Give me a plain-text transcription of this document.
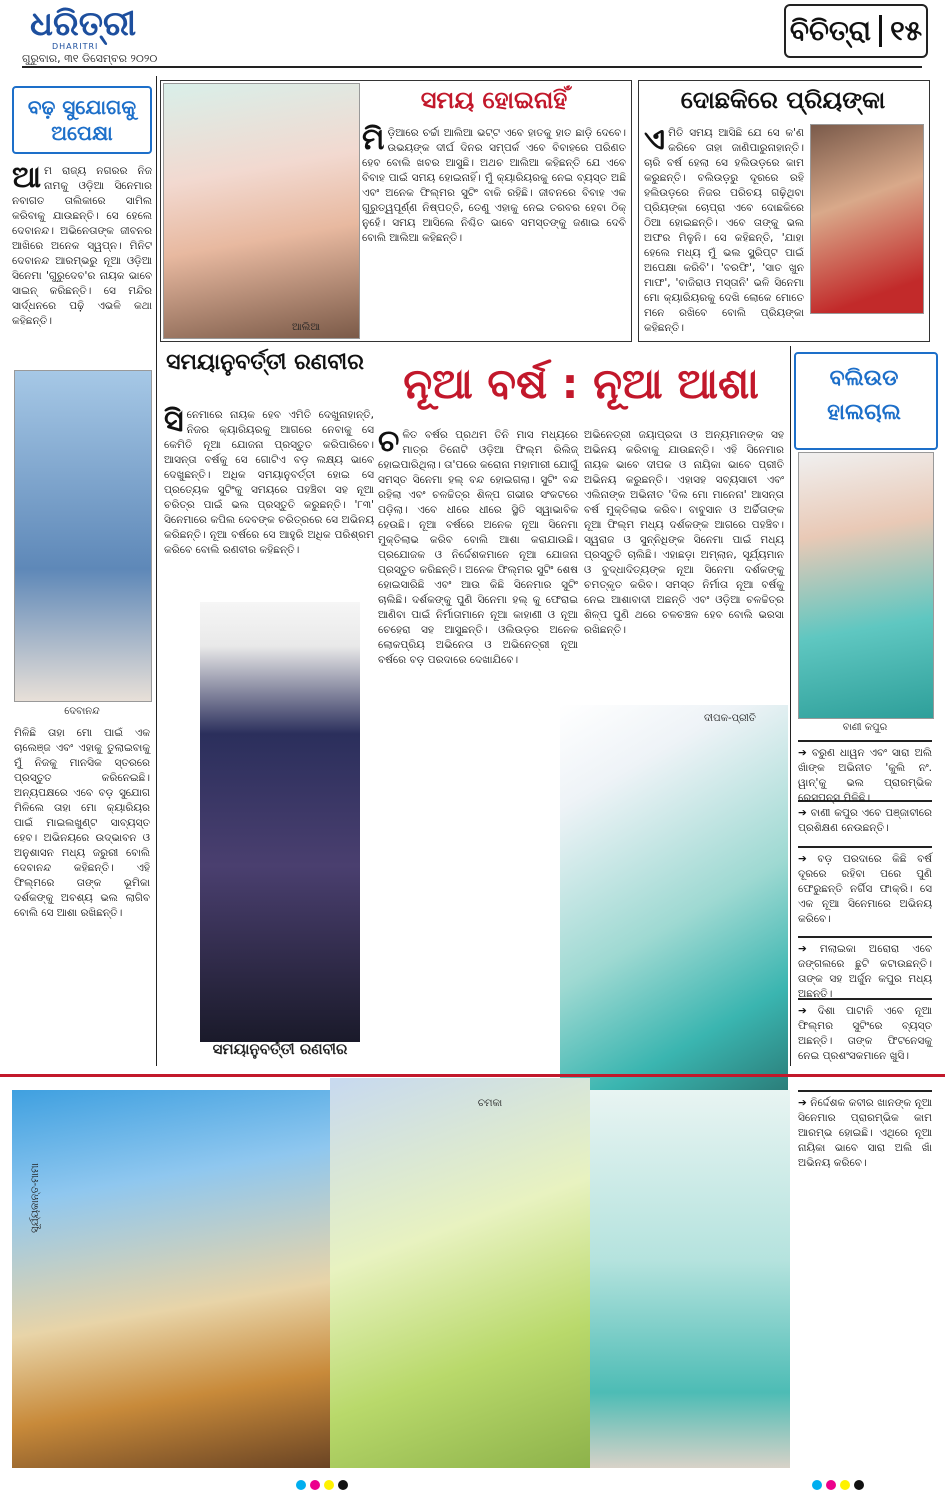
ଧରିତ୍ରୀ
DHARITRI
ଗୁରୁବାର, ୩୧ ଡିସେମ୍ବର ୨୦୨୦
ବିଚିତ୍ରା ୧୫
ବଢ଼ ସୁଯୋଗକୁ ଅପେକ୍ଷା
ଆ ମ ରାଜ୍ୟ ନଗରର ନିଜ ନାମକୁ ଓଡ଼ିଆ ସିନେମାର ନବାଗତ ତାଲିକାରେ ସାମିଲ କରିବାକୁ ଯାଉଛନ୍ତି। ସେ ହେଲେ ଦେବାନନ୍ଦ। ଅଭିନେତାଙ୍କ ଜୀବନର ଆଖିରେ ଅନେକ ସ୍ୱପ୍ନ। ମିନିଟ ଦେବାନନ୍ଦ ଆରମ୍ଭରୁ ନୂଆ ଓଡ଼ିଆ ସିନେମା 'ଗୁରୁଦେବ'ର ନାୟକ ଭାବେ ସାଇନ୍ କରିଛନ୍ତି। ସେ ମନ୍ଦିର ସାର୍ଦ୍ଧନରେ ପଢ଼ି ଏଭଳି କଥା କହିଛନ୍ତି।
ଦେବାନନ୍ଦ
ମିଳିଛି ତାହା ମୋ ପାଇଁ ଏକ ଚାଲେଞ୍ଜ ଏବଂ ଏହାକୁ ତୁଲାଇବାକୁ ମୁଁ ନିଜକୁ ମାନସିକ ସ୍ତରରେ ପ୍ରସ୍ତୁତ କରିନେଇଛି। ଅନ୍ୟପକ୍ଷରେ ଏବେ ବଡ଼ ସୁଯୋଗ ମିଳିଲେ ତାହା ମୋ କ୍ୟାରିୟର ପାଇଁ ମାଇଲଖୁଣ୍ଟ ସାବ୍ୟସ୍ତ ହେବ। ଅଭିନୟରେ ଉଦ୍ଭାବନ ଓ ଅନୁଶାସନ ମଧ୍ୟ ଜରୁରୀ ବୋଲି ଦେବାନନ୍ଦ କହିଛନ୍ତି। ଏହି ଫିଲ୍ମରେ ତାଙ୍କ ଭୂମିକା ଦର୍ଶକଙ୍କୁ ଅବଶ୍ୟ ଭଲ ଲାଗିବ ବୋଲି ସେ ଆଶା ରଖିଛନ୍ତି।
ଆଲିଆ
ସମୟ ହୋଇନାହିଁ
ମି ଡ଼ିଆରେ ଚର୍ଚ୍ଚା ଆଲିଆ ଭଟ୍ଟ ଏବେ ହାତକୁ ହାତ ଛାଡ଼ି ଦେବେ। ଉଭୟଙ୍କ ଦୀର୍ଘ ଦିନର ସମ୍ପର୍କ ଏବେ ବିବାହରେ ପରିଣତ ହେବ ବୋଲି ଖବର ଆସୁଛି। ଅଥଚ ଆଲିଆ କହିଛନ୍ତି ଯେ ଏବେ ବିବାହ ପାଇଁ ସମୟ ହୋଇନାହିଁ। ମୁଁ କ୍ୟାରିୟରକୁ ନେଇ ବ୍ୟସ୍ତ ଅଛି ଏବଂ ଅନେକ ଫିଲ୍ମର ସୁଟିଂ ବାକି ରହିଛି। ଜୀବନରେ ବିବାହ ଏକ ଗୁରୁତ୍ୱପୂର୍ଣ୍ଣ ନିଷ୍ପତ୍ତି, ତେଣୁ ଏହାକୁ ନେଇ ତରବର ହେବା ଠିକ୍ ନୁହେଁ। ସମୟ ଆସିଲେ ନିଶ୍ଚିତ ଭାବେ ସମସ୍ତଙ୍କୁ ଜଣାଇ ଦେବି ବୋଲି ଆଲିଆ କହିଛନ୍ତି।
ଦୋଛକିରେ ପ୍ରିୟଙ୍କା
ଏ ମିତି ସମୟ ଆସିଛି ଯେ ସେ କ'ଣ କରିବେ ତାହା ଜାଣିପାରୁନାହାନ୍ତି। ଚାରି ବର୍ଷ ହେଲା ସେ ହଲିଉଡ଼ରେ କାମ କରୁଛନ୍ତି। ବଲିଉଡ଼ରୁ ଦୂରରେ ରହି ହଲିଉଡ଼ରେ ନିଜର ପରିଚୟ ଗଢ଼ିଥିବା ପ୍ରିୟଙ୍କା ଚୋପ୍ରା ଏବେ ଦୋଛକିରେ ଠିଆ ହୋଇଛନ୍ତି। ଏବେ ତାଙ୍କୁ ଭଲ ଅଫର ମିଳୁନି। ସେ କହିଛନ୍ତି, 'ଯାହା ହେଲେ ମଧ୍ୟ ମୁଁ ଭଲ ସ୍କ୍ରିପ୍ଟ ପାଇଁ ଅପେକ୍ଷା କରିବି'। 'ବରଫି', 'ସାତ ଖୁନ ମାଫ', 'ବାଜିରାଓ ମସ୍ତାନି' ଭଳି ସିନେମା ମୋ କ୍ୟାରିୟରକୁ ଦେଖି ଲୋକେ ମୋତେ ମନେ ରଖିବେ ବୋଲି ପ୍ରିୟଙ୍କା କହିଛନ୍ତି।
ସମୟାନୁବର୍ତ୍ତୀ ରଣବୀର
ସି ନେମାରେ ନାୟକ ହେବ ଏମିତି ଦେଖୁନାହାନ୍ତି, ନିଜର କ୍ୟାରିୟରକୁ ଆଗରେ ନେବାକୁ ସେ କେମିତି ନୂଆ ଯୋଜନା ପ୍ରସ୍ତୁତ କରିପାରିବେ। ଆସନ୍ତା ବର୍ଷକୁ ସେ ଗୋଟିଏ ବଡ଼ ଲକ୍ଷ୍ୟ ଭାବେ ଦେଖୁଛନ୍ତି। ଅଧିକ ସମୟାନୁବର୍ତ୍ତୀ ହୋଇ ସେ ପ୍ରତ୍ୟେକ ସୁଟିଂକୁ ସମୟରେ ପହଞ୍ଚିବା ସହ ନୂଆ ଚରିତ୍ର ପାଇଁ ଭଲ ପ୍ରସ୍ତୁତି କରୁଛନ୍ତି। '୮୩' ସିନେମାରେ କପିଲ ଦେବଙ୍କ ଚରିତ୍ରରେ ସେ ଅଭିନୟ କରିଛନ୍ତି। ନୂଆ ବର୍ଷରେ ସେ ଆହୁରି ଅଧିକ ପରିଶ୍ରମ କରିବେ ବୋଲି ରଣବୀର କହିଛନ୍ତି।
ସମୟାନୁବର୍ତ୍ତୀ ରଣବୀର
ନୂଆ ବର୍ଷ : ନୂଆ ଆଶା
ଚ ଳିତ ବର୍ଷର ପ୍ରଥମ ତିନି ମାସ ମଧ୍ୟରେ ମାତ୍ର ତିନୋଟି ଓଡ଼ିଆ ଫିଲ୍ମ ରିଲିଜ୍ ହୋଇପାରିଥିଲା। ତା'ପରେ କରୋନା ମହାମାରୀ ଯୋଗୁଁ ସମସ୍ତ ସିନେମା ହଲ୍ ବନ୍ଦ ହୋଇଗଲା। ସୁଟିଂ ବନ୍ଦ ରହିଲା ଏବଂ ଚଳଚ୍ଚିତ୍ର ଶିଳ୍ପ ଗଭୀର ସଂକଟରେ ପଡ଼ିଲା। ଏବେ ଧୀରେ ଧୀରେ ସ୍ଥିତି ସ୍ୱାଭାବିକ ହେଉଛି। ନୂଆ ବର୍ଷରେ ଅନେକ ନୂଆ ସିନେମା ମୁକ୍ତିଲାଭ କରିବ ବୋଲି ଆଶା କରାଯାଉଛି। ପ୍ରଯୋଜକ ଓ ନିର୍ଦ୍ଦେଶକମାନେ ନୂଆ ଯୋଜନା ପ୍ରସ୍ତୁତ କରିଛନ୍ତି। ଅନେକ ଫିଲ୍ମର ସୁଟିଂ ଶେଷ ହୋଇସାରିଛି ଏବଂ ଆଉ କିଛି ସିନେମାର ସୁଟିଂ ଚାଲିଛି। ଦର୍ଶକଙ୍କୁ ପୁଣି ସିନେମା ହଲ୍ କୁ ଫେରାଇ ଆଣିବା ପାଇଁ ନିର୍ମାତାମାନେ ନୂଆ କାହାଣୀ ଓ ନୂଆ ଚେହେରା ସହ ଆସୁଛନ୍ତି। ଓଲିଉଡ଼ର ଅନେକ ଲୋକପ୍ରିୟ ଅଭିନେତା ଓ ଅଭିନେତ୍ରୀ ନୂଆ ବର୍ଷରେ ବଡ଼ ପରଦାରେ ଦେଖାଯିବେ।
ଅଭିନେତ୍ରୀ ଜୟାପ୍ରଦା ଓ ଅନ୍ୟମାନଙ୍କ ସହ ଅଭିନୟ କରିବାକୁ ଯାଉଛନ୍ତି। ଏହି ସିନେମାର ନାୟକ ଭାବେ ଦୀପକ ଓ ନାୟିକା ଭାବେ ପ୍ରୀତି ଅଭିନୟ କରୁଛନ୍ତି। ଏହାସହ ସବ୍ୟସାଚୀ ଏବଂ ଏଲିନାଙ୍କ ଅଭିନୀତ 'ଦିଲ ମୋ ମାନେନା' ଆସନ୍ତା ବର୍ଷ ମୁକ୍ତିଲାଭ କରିବ। ବାବୁସାନ ଓ ଅର୍ଚ୍ଚିତାଙ୍କ ନୂଆ ଫିଲ୍ମ ମଧ୍ୟ ଦର୍ଶକଙ୍କ ଆଗରେ ପହଞ୍ଚିବ। ସ୍ୱରାଜ ଓ ସୁନ୍ନିଧିଙ୍କ ସିନେମା ପାଇଁ ମଧ୍ୟ ପ୍ରସ୍ତୁତି ଚାଲିଛି। ଏହାଛଡ଼ା ଅମ୍ଲାନ, ସୂର୍ଯ୍ୟମାନ ଓ ବୁଦ୍ଧାଦିତ୍ୟଙ୍କ ନୂଆ ସିନେମା ଦର୍ଶକଙ୍କୁ ଚମତ୍କୃତ କରିବ। ସମସ୍ତ ନିର୍ମାତା ନୂଆ ବର୍ଷକୁ ନେଇ ଆଶାବାଦୀ ଅଛନ୍ତି ଏବଂ ଓଡ଼ିଆ ଚଳଚ୍ଚିତ୍ର ଶିଳ୍ପ ପୁଣି ଥରେ ଚଳଚଞ୍ଚଳ ହେବ ବୋଲି ଭରସା ରଖିଛନ୍ତି।
ଦୀପକ-ପ୍ରୀତି
ବଲିଉଡ ହାଲଚାଲ
ବାଣୀ କପୁର
➔ ବରୁଣ ଧାୱନ ଏବଂ ସାରା ଅଲି ଖାଁଙ୍କ ଅଭିନୀତ 'କୁଲି ନଂ. ୱାନ୍'କୁ ଭଲ ପ୍ରାରମ୍ଭିକ ରେସପନ୍ସ ମିଳିଛି।
➔ ବାଣୀ କପୁର ଏବେ ପଞ୍ଜାବୀରେ ପ୍ରଶିକ୍ଷଣ ନେଉଛନ୍ତି।
➔ ବଡ଼ ପରଦାରେ କିଛି ବର୍ଷ ଦୂରରେ ରହିବା ପରେ ପୁଣି ଫେରୁଛନ୍ତି ନର୍ଗିସ ଫାକ୍ରି। ସେ ଏକ ନୂଆ ସିନେମାରେ ଅଭିନୟ କରିବେ।
➔ ମଲାଇକା ଅରୋରା ଏବେ ଜଙ୍ଗଲରେ ଛୁଟି କଟାଉଛନ୍ତି। ତାଙ୍କ ସହ ଅର୍ଜୁନ କପୁର ମଧ୍ୟ ଅଛନ୍ତି।
➔ ଦିଶା ପାଟାନି ଏବେ ନୂଆ ଫିଲ୍ମର ସୁଟିଂରେ ବ୍ୟସ୍ତ ଅଛନ୍ତି। ତାଙ୍କ ଫିଟନେସକୁ ନେଇ ପ୍ରଶଂସକମାନେ ଖୁସି।
➔ ନିର୍ଦ୍ଦେଶକ କବୀର ଖାନଙ୍କ ନୂଆ ସିନେମାର ପ୍ରାରମ୍ଭିକ କାମ ଆରମ୍ଭ ହୋଇଛି। ଏଥିରେ ନୂଆ ନାୟିକା ଭାବେ ସାରା ଅଲି ଖାଁ ଅଭିନୟ କରିବେ।
ସୂର୍ଯ୍ୟକାନ୍ତ-ମାମା
ଚମକା
